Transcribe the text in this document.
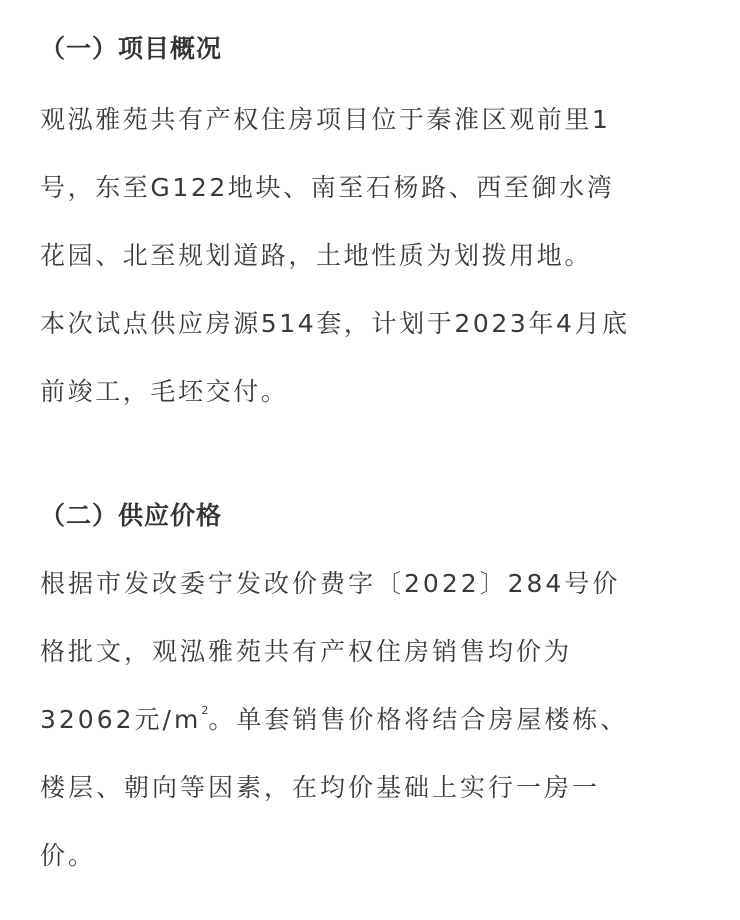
（一）项目概况

观泓雅苑共有产权住房项目位于秦淮区观前里1

号，东至G122地块、南至石杨路、西至御水湾

花园、北至规划道路，土地性质为划拨用地。

本次试点供应房源514套，计划于2023年4月底

前竣工，毛坯交付。

（二）供应价格

根据市发改委宁发改价费字〔2022〕284号价

格批文，观泓雅苑共有产权住房销售均价为

32062元$/m^2$。单套销售价格将结合房屋楼栋、

楼层、朝向等因素，在均价基础上实行一房一

价。
